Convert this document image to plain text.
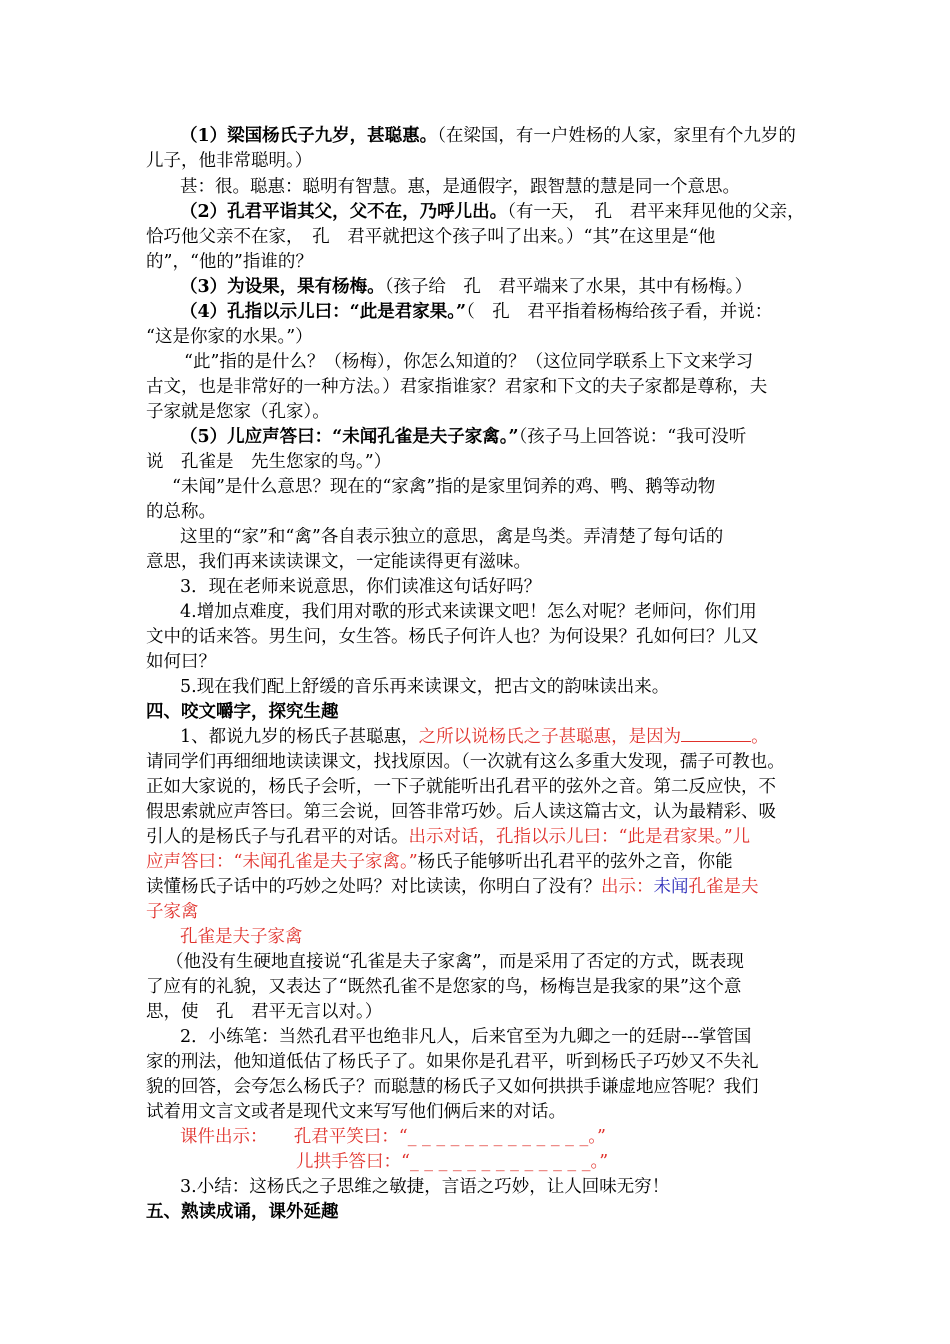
（1）梁国杨氏子九岁，甚聪惠。（在梁国，有一户姓杨的人家，家里有个九岁的
儿子，他非常聪明。）
甚：很。聪惠：聪明有智慧。惠，是通假字，跟智慧的慧是同一个意思。
（2）孔君平诣其父，父不在，乃呼儿出。（有一天，　孔　君平来拜见他的父亲，
恰巧他父亲不在家，　孔　君平就把这个孩子叫了出来。）“其”在这里是“他
的”，“他的”指谁的？
（3）为设果，果有杨梅。（孩子给　孔　君平端来了水果，其中有杨梅。）
（4）孔指以示儿曰：“此是君家果。”（　孔　君平指着杨梅给孩子看，并说：
“这是你家的水果。”）
“此”指的是什么？（杨梅），你怎么知道的？（这位同学联系上下文来学习
古文，也是非常好的一种方法。）君家指谁家？君家和下文的夫子家都是尊称，夫
子家就是您家（孔家）。
（5）儿应声答曰：“未闻孔雀是夫子家禽。”（孩子马上回答说：“我可没听
说　孔雀是　先生您家的鸟。”）
“未闻”是什么意思？现在的“家禽”指的是家里饲养的鸡、鸭、鹅等动物
的总称。
这里的“家”和“禽”各自表示独立的意思，禽是鸟类。弄清楚了每句话的
意思，我们再来读读课文，一定能读得更有滋味。
3．现在老师来说意思，你们读准这句话好吗？
4.增加点难度，我们用对歌的形式来读课文吧！怎么对呢？老师问，你们用
文中的话来答。男生问，女生答。杨氏子何许人也？为何设果？孔如何曰？儿又
如何曰？
5.现在我们配上舒缓的音乐再来读课文，把古文的韵味读出来。
四、咬文嚼字，探究生趣
1、都说九岁的杨氏子甚聪惠，之所以说杨氏之子甚聪惠，是因为	。
请同学们再细细地读读课文，找找原因。（一次就有这么多重大发现，孺子可教也。
正如大家说的，杨氏子会听，一下子就能听出孔君平的弦外之音。第二反应快，不
假思索就应声答曰。第三会说，回答非常巧妙。后人读这篇古文，认为最精彩、吸
引人的是杨氏子与孔君平的对话。出示对话，孔指以示儿曰：“此是君家果。”儿
应声答曰：“未闻孔雀是夫子家禽。”杨氏子能够听出孔君平的弦外之音，你能
读懂杨氏子话中的巧妙之处吗？对比读读，你明白了没有？出示：未闻孔雀是夫
子家禽
孔雀是夫子家禽
（他没有生硬地直接说“孔雀是夫子家禽”，而是采用了否定的方式，既表现
了应有的礼貌，又表达了“既然孔雀不是您家的鸟，杨梅岂是我家的果”这个意
思，使　孔　君平无言以对。）
2．小练笔：当然孔君平也绝非凡人，后来官至为九卿之一的廷尉---掌管国
家的刑法，他知道低估了杨氏子了。如果你是孔君平，听到杨氏子巧妙又不失礼
貌的回答，会夸怎么杨氏子？而聪慧的杨氏子又如何拱拱手谦虚地应答呢？我们
试着用文言文或者是现代文来写写他们俩后来的对话。
课件出示：　　孔君平笑曰：“_ _ _ _ _ _ _ _ _ _ _ _ _。”
儿拱手答曰：“_ _ _ _ _ _ _ _ _ _ _ _ _。”
3.小结：这杨氏之子思维之敏捷，言语之巧妙，让人回味无穷！
五、熟读成诵，课外延趣
